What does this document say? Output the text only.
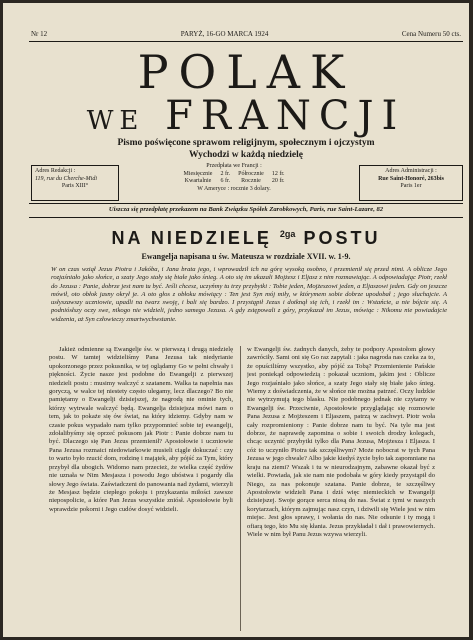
Nr 12	PARYŻ, 16-GO MARCA 1924	Cena Numeru 50 cts.
POLAK
WE FRANCJI
Pismo poświęcone sprawom religijnym, społecznym i ojczystym
Wychodzi w każdą niedzielę
Adres Redakcji :
119, rue du Cherche-Midi
Paris XIII°
Przedpłata we Francji :
Miesięcznie	2 fr.	Półrocznie	12 fr.
Kwartalnie	6 fr.	Rocznie	20 fr.
W Ameryce : rocznie 3 dolary.
Adres Administracji :
Rue Saint-Honoré, 263bis
Paris 1er
Uiszcza się przedpłatę przekazem na Bank Związku Spółek Zarobkowych, Paris, rue Saint-Lazare, 82
NA NIEDZIELĘ $^{2ga}$ POSTU
Ewangelja napisana u św. Mateusza w rozdziale XVII. w. 1-9.
W on czas wziął Jezus Piotra i Jakóba, i Jana brata jego, i wprowadził ich na górę wysoką osobno, i przemienił się przed nimi. A oblicze Jego rozjaśniało jako słońce, a szaty Jego stały się białe jako śnieg. A oto się im ukazali Mojżesz i Eljasz z nim rozmawiając. A odpowiadając Piotr, rzekł do Jezusa : Panie, dobrze jest nam tu być. Jeśli chcesz, uczyńmy tu trzy przybytki : Tobie jeden, Mojżeszowi jeden, a Eljaszowi jeden. Gdy on jeszcze mówił, oto obłok jasny okrył je. A oto głos z obłoku mówiący : Ten jest Syn mój miły, w którymem sobie dobrze upodobał ; jego słuchajcie. A usłyszawszy uczniowie, upadli na twarz swoję, i bali się bardzo. I przystąpił Jezus i dotknął się ich, i rzekł im : Wstańcie, a nie bójcie się. A podniósłszy oczy swe, nikogo nie widzieli, jedno samego Jezusa. A gdy zstępowali z góry, przykazał im Jezus, mówiąc : Nikomu nie powiadajcie widzenia, aż Syn człowieczy zmartwychwstanie.

Jakież odmienne są Ewangelje św. w pierwszą i drugą niedzielę postu. W tamtej widzieliśmy Pana Jezusa tak niedyrianie upokorzonego przez pokusnika, w tej oglądamy Go w pełni chwały i piękności. Życie nasze jest podobne do Ewangelji z pierwszej niedzieli postu : musimy walczyć z szatanem. Walka ta napełnia nas goryczą, w walce tej niestety często ulegamy, lecz dlaczego? Bo nie pamiętamy o Ewangelji dzisiejszej, że nagrodą nie ominie tych, którzy wytrwale walczyć będą. Ewangelja dzisiejsza mówi nam o tem, jak to pokaże się ów świat, na który idziemy. Gdyby nam w czasie pokus wypadało nam tylko przypomnieć sobie tej ewangelji, zdołalibyśmy się oprzeć pokusom jak Piotr : Panie dobrze nam tu być. Dlaczego się Pan Jezus przemienił? Apostołowie i uczniowie Pana Jezusa rozmaici niedowiarkowie musieli ciągle dokuczać : czy to warto było rzucić dom, rodzinę i majątek, aby pójść za Tym, który przybył dla ubogich. Widomo nam przecież, że wielka część żydów nie uznała w Nim Mesjasza i powodu Jego ubóstwa i pogardy dla słowy Jego świata. Zaświadczeni do panowania nad żydami, wierzyli że Mesjasz będzie ciepłego pokoju i przykazania miłości zawsze niepospolicie, a które Pan Jezus wszystkie zniósł. Apostołowie byli wprawdzie pokorni i Jego cudów dosyć widzieli.

w Ewangelji św. żadnych danych, żeby te podpory Apostołom głowy zawróciły. Sami oni się Go raz zapytali : jaka nagroda nas czeka za to, że opuściliśmy wszystko, aby pójść za Tobą? Przemienienie Pańskie jest poniekąd odpowiedzią : pokazał uczniom, jakim jest : Oblicze Jego rozjaśniało jako słońce, a szaty Jego stały się białe jako śnieg. Wiemy z doświadczenia, że w słońce nie można patrzeć. Oczy ludzkie nie wytrzymują tego blasku. Nie podobnego jednak nie czytamy w Ewangelji św. Przeciwnie, Apostołowie przyglądając się rozmowie Pana Jezusa z Mojżeszem i Eljaszem, patrzą w zachwyt. Piotr woła cały rozpromieniony : Panie dobrze nam tu być. Na tyle ma jest dobrze, że naprawdę zapomina o sobie i swoich drodzy kolegach, chcąc uczynić przybytki tylko dla Pana Jezusa, Mojżesza i Eljasza. I cóż to uczyniło Piotra tak szczęśliwym? Może nobocrat w tych Pana Jezusa w jego chwale? Albo jakie kiedyś życie było tak zapomniane na kraju na ziemi? Wszak i tu w nieurodzajnym, zabawne okazał być z wielki. Powiada, jak sie nam nie podobała w góry kiedy przystąpił do Niego, za nas pokonuje szatana. Panie dobrze, te szczęśliwy Apostołowie widzieli Pana i dziś więc niemieckich w Ewangelji dzisiejszej. Swoje gorące serca niosą do nas. Świat z tymi w naszych korytarzach, którym zajmując nasz czyn, i dziwili się Wiele jest w nim miejsc. Jest głos sprawy, i wołania do nas. Nie odsunie i ty mogą i ofiarą tego, kto Mu się kłania. Jezus przykładał i dał i prawowiernych. Wiele w nim był Panu Jezus wzywa wierzyli.
